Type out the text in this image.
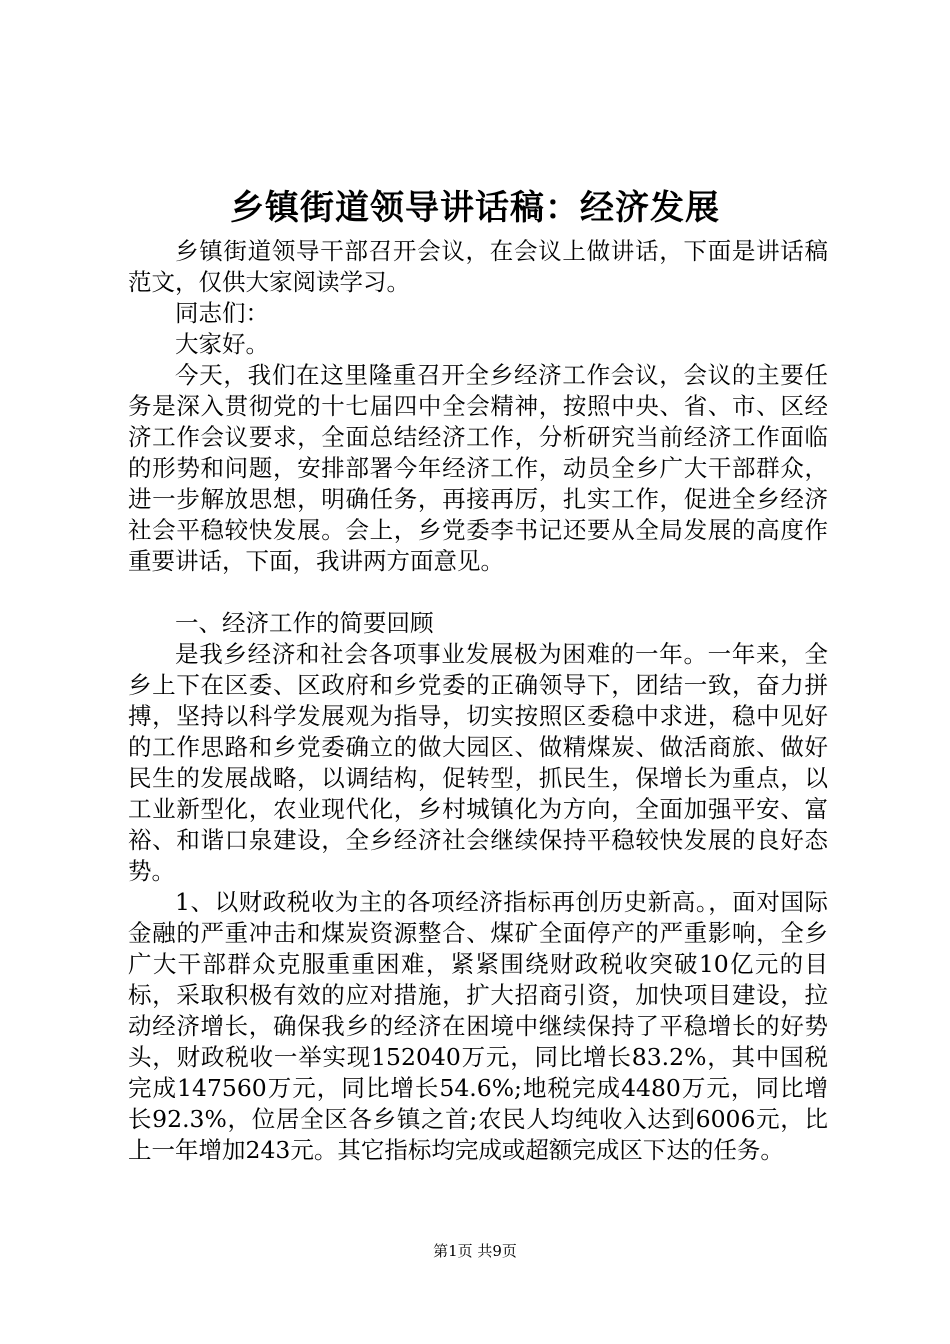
乡镇街道领导讲话稿：经济发展

乡镇街道领导干部召开会议，在会议上做讲话，下面是讲话稿范文，仅供大家阅读学习。

同志们：

大家好。

今天，我们在这里隆重召开全乡经济工作会议，会议的主要任务是深入贯彻党的十七届四中全会精神，按照中央、省、市、区经济工作会议要求，全面总结经济工作，分析研究当前经济工作面临的形势和问题，安排部署今年经济工作，动员全乡广大干部群众，进一步解放思想，明确任务，再接再厉，扎实工作，促进全乡经济社会平稳较快发展。会上，乡党委李书记还要从全局发展的高度作重要讲话，下面，我讲两方面意见。

一、经济工作的简要回顾

是我乡经济和社会各项事业发展极为困难的一年。一年来，全乡上下在区委、区政府和乡党委的正确领导下，团结一致，奋力拼搏，坚持以科学发展观为指导，切实按照区委稳中求进，稳中见好的工作思路和乡党委确立的做大园区、做精煤炭、做活商旅、做好民生的发展战略，以调结构，促转型，抓民生，保增长为重点，以工业新型化，农业现代化，乡村城镇化为方向，全面加强平安、富裕、和谐口泉建设，全乡经济社会继续保持平稳较快发展的良好态势。

1、以财政税收为主的各项经济指标再创历史新高。，面对国际金融的严重冲击和煤炭资源整合、煤矿全面停产的严重影响，全乡广大干部群众克服重重困难，紧紧围绕财政税收突破10亿元的目标，采取积极有效的应对措施，扩大招商引资，加快项目建设，拉动经济增长，确保我乡的经济在困境中继续保持了平稳增长的好势头，财政税收一举实现152040万元，同比增长83.2%，其中国税完成147560万元，同比增长54.6%;地税完成4480万元，同比增长92.3%，位居全区各乡镇之首;农民人均纯收入达到6006元，比上一年增加243元。其它指标均完成或超额完成区下达的任务。

第1页 共9页
